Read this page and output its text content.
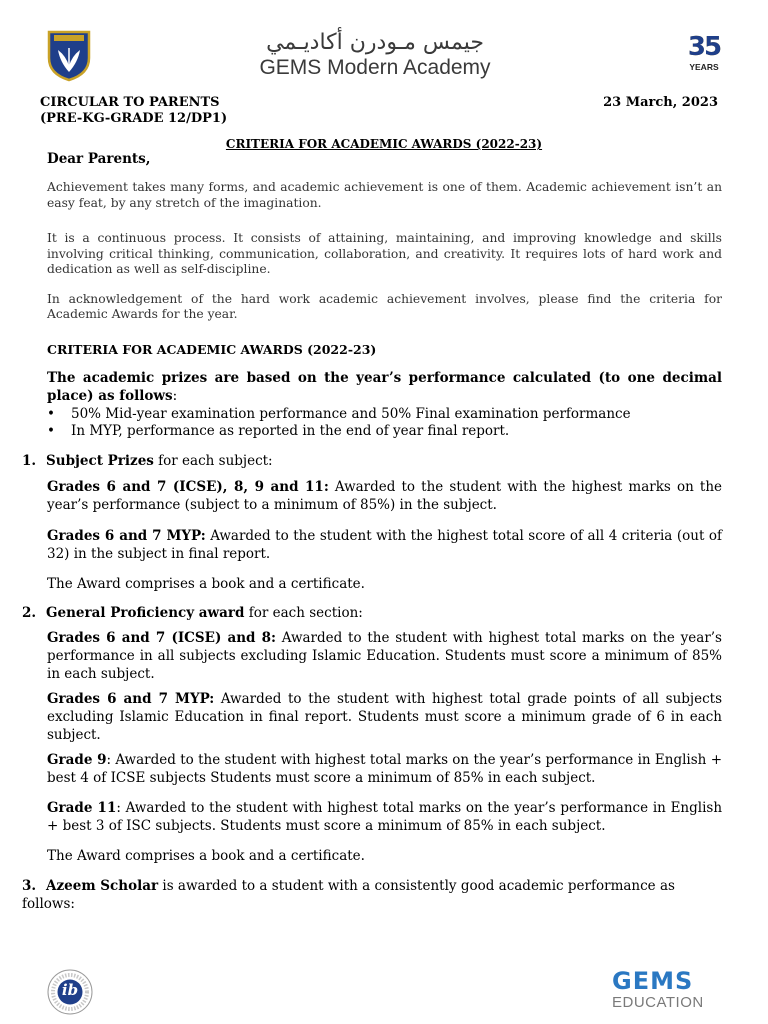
جيمس مـودرن أكاديـمي
GEMS Modern Academy
35
YEARS
CIRCULAR TO PARENTS
(PRE-KG-GRADE 12/DP1)
23 March, 2023
CRITERIA FOR ACADEMIC AWARDS (2022-23)
Dear Parents,

Achievement takes many forms, and academic achievement is one of them. Academic achievement isn’t an easy feat, by any stretch of the imagination.

It is a continuous process. It consists of attaining, maintaining, and improving knowledge and skills involving critical thinking, communication, collaboration, and creativity. It requires lots of hard work and dedication as well as self-discipline.

In acknowledgement of the hard work academic achievement involves, please find the criteria for Academic Awards for the year.

CRITERIA FOR ACADEMIC AWARDS (2022-23)

The academic prizes are based on the year’s performance calculated (to one decimal place) as follows:

• 50% Mid-year examination performance and 50% Final examination performance
• In MYP, performance as reported in the end of year final report.
1. Subject Prizes for each subject:

Grades 6 and 7 (ICSE), 8, 9 and 11: Awarded to the student with the highest marks on the year’s performance (subject to a minimum of 85%) in the subject.

Grades 6 and 7 MYP: Awarded to the student with the highest total score of all 4 criteria (out of 32) in the subject in final report.

The Award comprises a book and a certificate.

2. General Proficiency award for each section:

Grades 6 and 7 (ICSE) and 8: Awarded to the student with highest total marks on the year’s performance in all subjects excluding Islamic Education. Students must score a minimum of 85% in each subject.

Grades 6 and 7 MYP: Awarded to the student with highest total grade points of all subjects excluding Islamic Education in final report. Students must score a minimum grade of 6 in each subject.

Grade 9: Awarded to the student with highest total marks on the year’s performance in English + best 4 of ICSE subjects Students must score a minimum of 85% in each subject.

Grade 11: Awarded to the student with highest total marks on the year’s performance in English + best 3 of ISC subjects. Students must score a minimum of 85% in each subject.

The Award comprises a book and a certificate.

3. Azeem Scholar is awarded to a student with a consistently good academic performance as follows:
ib	GEMS
EDUCATION
